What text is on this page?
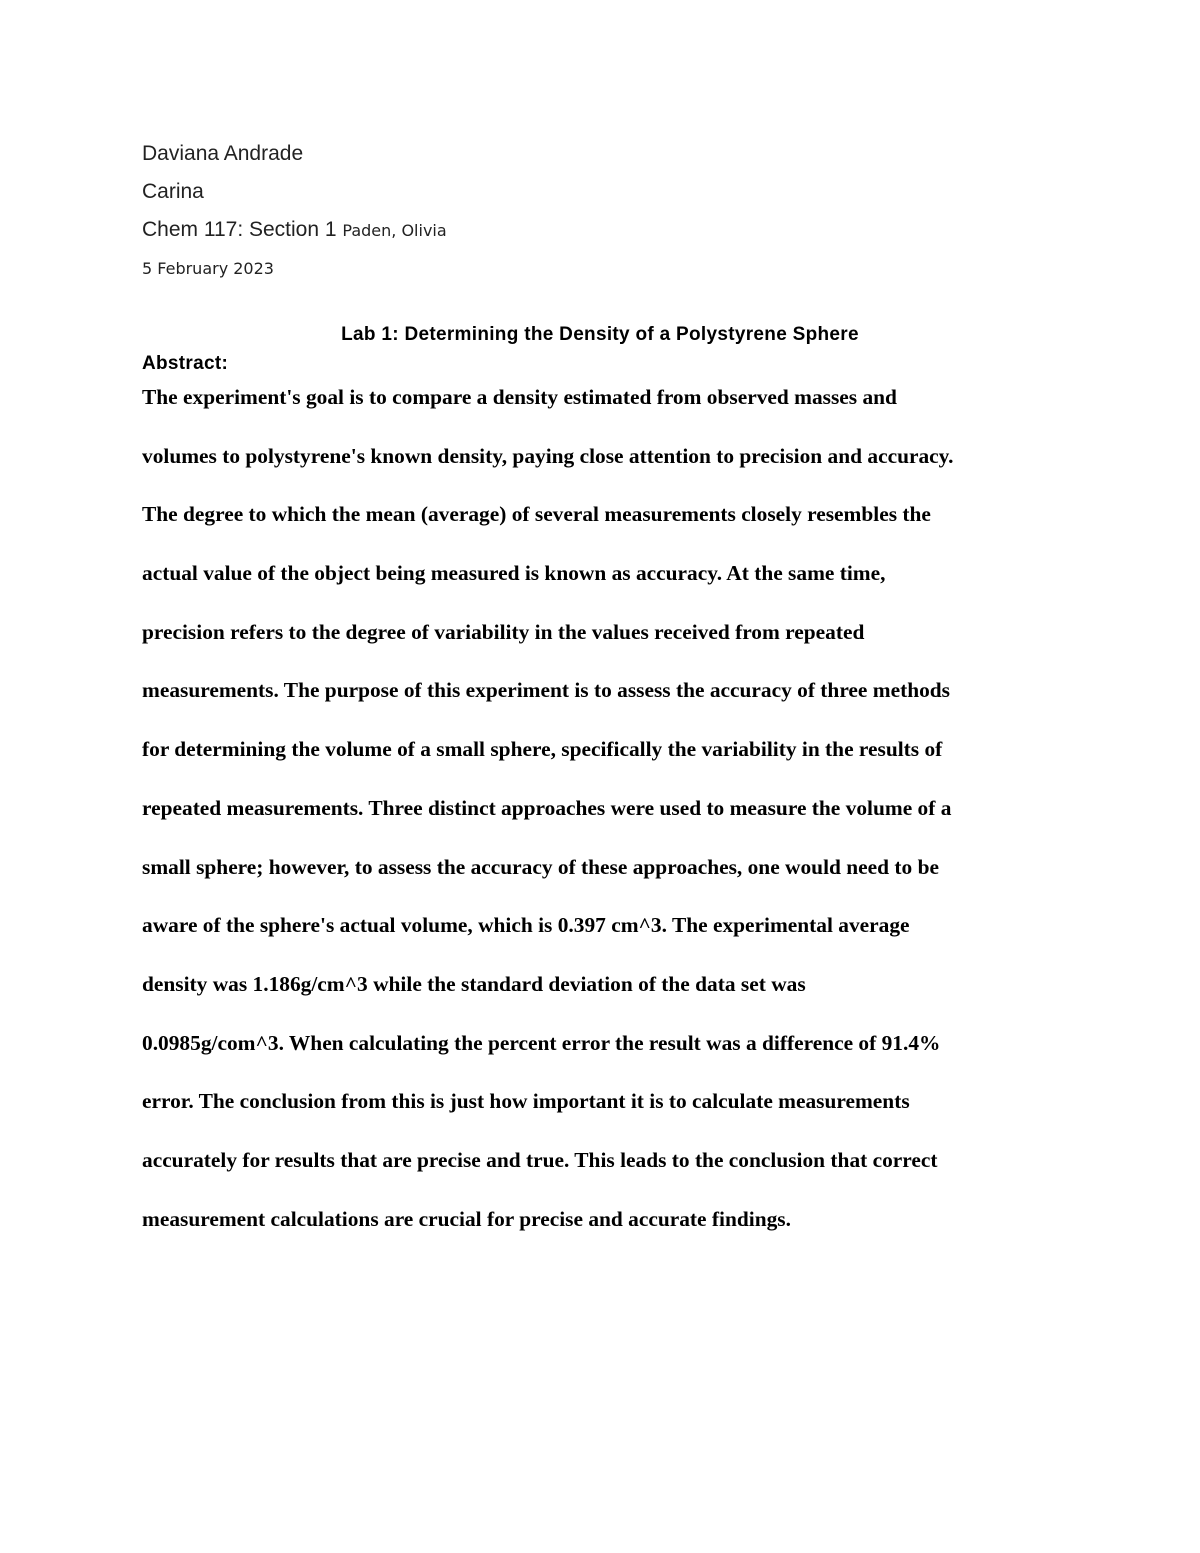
Daviana Andrade
Carina
Chem 117: Section 1 Paden, Olivia
5 February 2023
Lab 1: Determining the Density of a Polystyrene Sphere
Abstract:
The experiment's goal is to compare a density estimated from observed masses and
volumes to polystyrene's known density, paying close attention to precision and accuracy.
The degree to which the mean (average) of several measurements closely resembles the
actual value of the object being measured is known as accuracy. At the same time,
precision refers to the degree of variability in the values received from repeated
measurements. The purpose of this experiment is to assess the accuracy of three methods
for determining the volume of a small sphere, specifically the variability in the results of
repeated measurements. Three distinct approaches were used to measure the volume of a
small sphere; however, to assess the accuracy of these approaches, one would need to be
aware of the sphere's actual volume, which is 0.397 cm^3. The experimental average
density was 1.186g/cm^3 while the standard deviation of the data set was
0.0985g/com^3. When calculating the percent error the result was a difference of 91.4%
error. The conclusion from this is just how important it is to calculate measurements
accurately for results that are precise and true. This leads to the conclusion that correct
measurement calculations are crucial for precise and accurate findings.
